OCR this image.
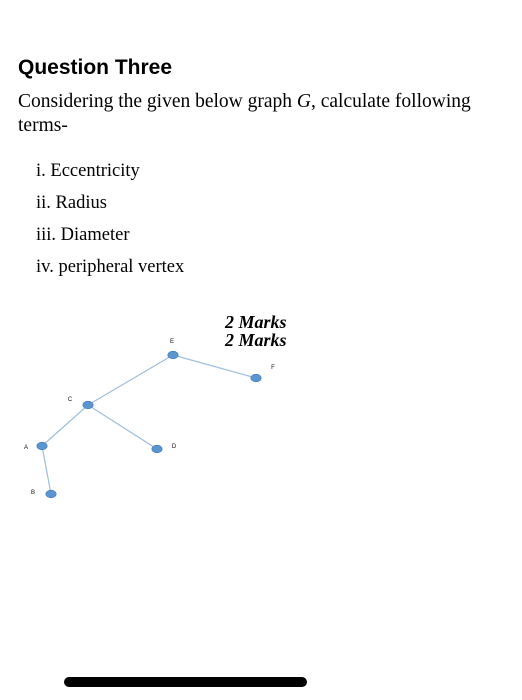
Question Three

Considering the given below graph G, calculate following terms-

i. Eccentricity
ii. Radius
iii. Diameter
iv. peripheral vertex
2 Marks
2 Marks
A
B
C
D
E
F
